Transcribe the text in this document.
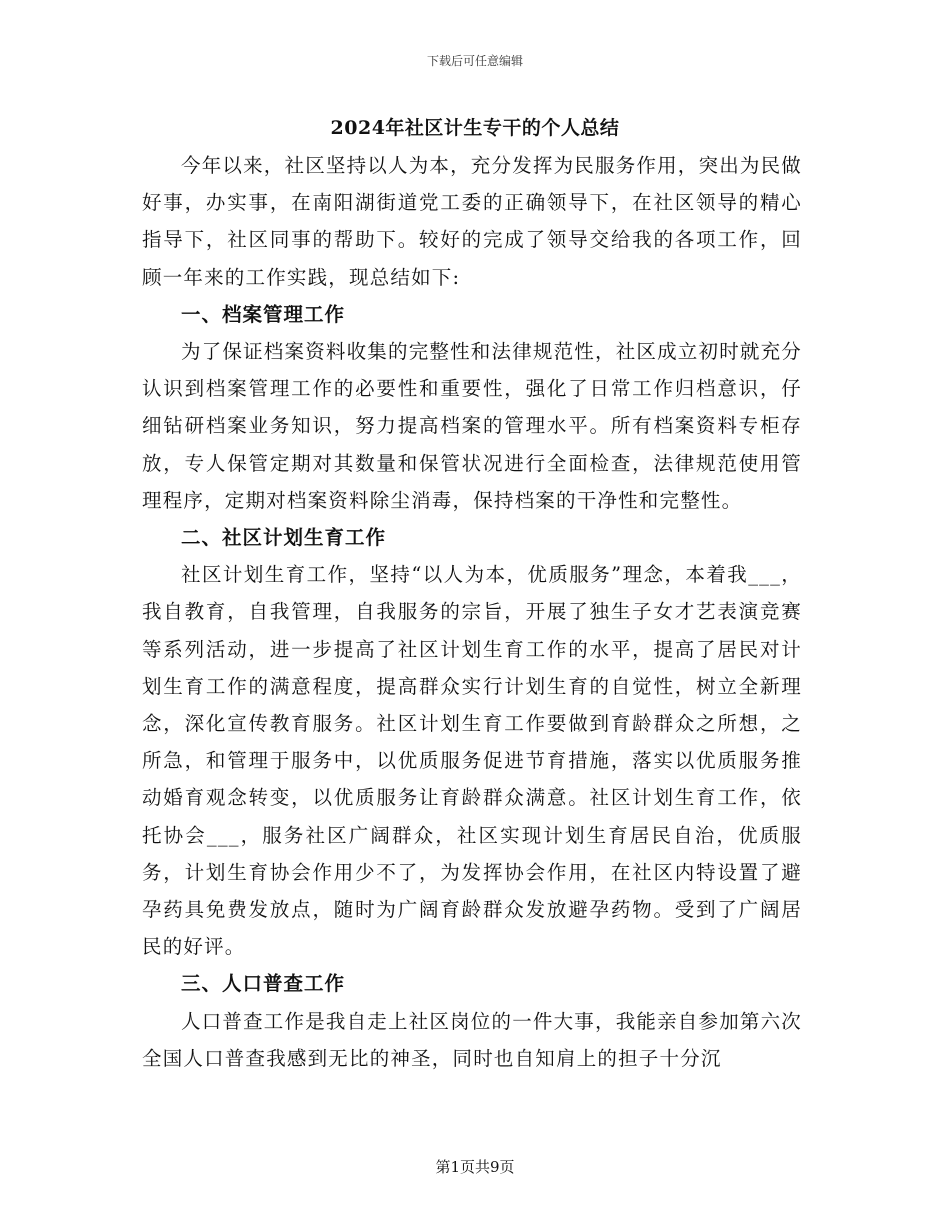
下载后可任意编辑
2024年社区计生专干的个人总结

今年以来，社区坚持以人为本，充分发挥为民服务作用，突出为民做好事，办实事，在南阳湖街道党工委的正确领导下，在社区领导的精心指导下，社区同事的帮助下。较好的完成了领导交给我的各项工作，回顾一年来的工作实践，现总结如下:

一、档案管理工作

为了保证档案资料收集的完整性和法律规范性，社区成立初时就充分认识到档案管理工作的必要性和重要性，强化了日常工作归档意识，仔细钻研档案业务知识，努力提高档案的管理水平。所有档案资料专柜存放，专人保管定期对其数量和保管状况进行全面检查，法律规范使用管理程序，定期对档案资料除尘消毒，保持档案的干净性和完整性。

二、社区计划生育工作

社区计划生育工作，坚持“以人为本，优质服务”理念，本着我___，我自教育，自我管理，自我服务的宗旨，开展了独生子女才艺表演竞赛等系列活动，进一步提高了社区计划生育工作的水平，提高了居民对计划生育工作的满意程度，提高群众实行计划生育的自觉性，树立全新理念，深化宣传教育服务。社区计划生育工作要做到育龄群众之所想，之所急，和管理于服务中，以优质服务促进节育措施，落实以优质服务推动婚育观念转变，以优质服务让育龄群众满意。社区计划生育工作，依托协会___，服务社区广阔群众，社区实现计划生育居民自治，优质服务，计划生育协会作用少不了，为发挥协会作用，在社区内特设置了避孕药具免费发放点，随时为广阔育龄群众发放避孕药物。受到了广阔居民的好评。

三、人口普查工作

人口普查工作是我自走上社区岗位的一件大事，我能亲自参加第六次全国人口普查我感到无比的神圣，同时也自知肩上的担子十分沉

第1页共9页
